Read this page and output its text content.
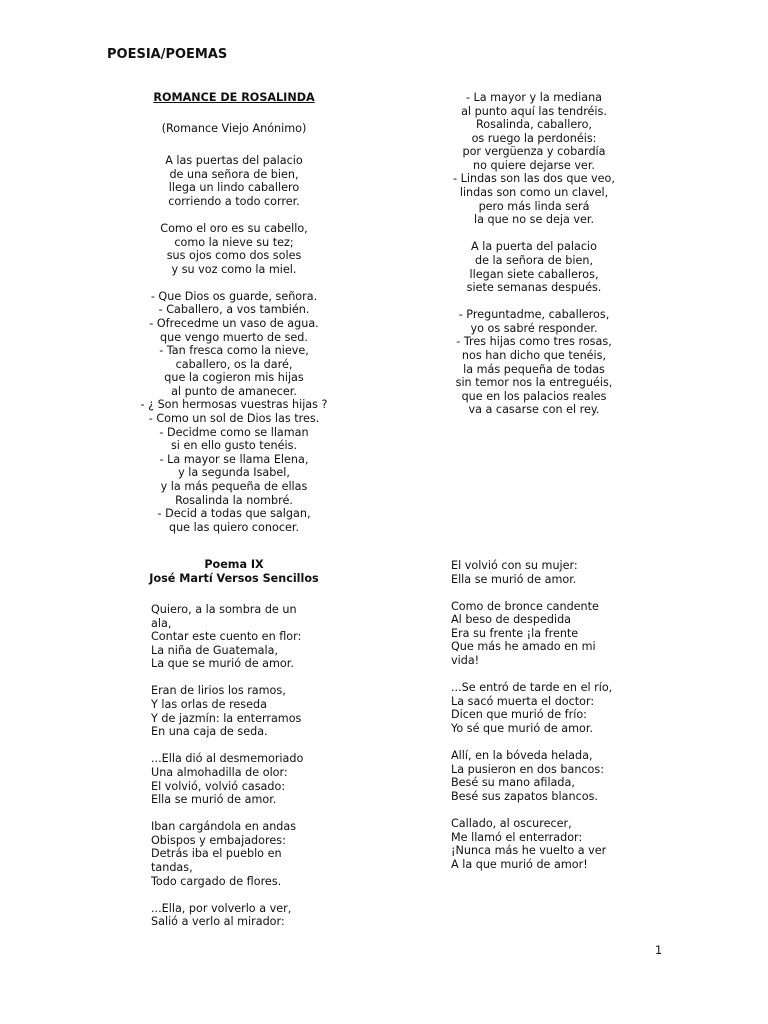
POESIA/POEMAS
ROMANCE DE ROSALINDA
(Romance Viejo Anónimo)
A las puertas del palacio
de una señora de bien,
llega un lindo caballero
corriendo a todo correr.
Como el oro es su cabello,
como la nieve su tez;
sus ojos como dos soles
y su voz como la miel.
- Que Dios os guarde, señora.
- Caballero, a vos también.
- Ofrecedme un vaso de agua.
que vengo muerto de sed.
- Tan fresca como la nieve,
caballero, os la daré,
que la cogieron mis hijas
al punto de amanecer.
- ¿ Son hermosas vuestras hijas ?
- Como un sol de Dios las tres.
- Decidme como se llaman
si en ello gusto tenéis.
- La mayor se llama Elena,
y la segunda Isabel,
y la más pequeña de ellas
Rosalinda la nombré.
- Decid a todas que salgan,
que las quiero conocer.
- La mayor y la mediana
al punto aquí las tendréis.
Rosalinda, caballero,
os ruego la perdonéis:
por vergüenza y cobardía
no quiere dejarse ver.
- Lindas son las dos que veo,
lindas son como un clavel,
pero más linda será
la que no se deja ver.
A la puerta del palacio
de la señora de bien,
llegan siete caballeros,
siete semanas después.
- Preguntadme, caballeros,
yo os sabré responder.
- Tres hijas como tres rosas,
nos han dicho que tenéis,
la más pequeña de todas
sin temor nos la entreguéis,
que en los palacios reales
va a casarse con el rey.
Poema IX
José Martí Versos Sencillos
Quiero, a la sombra de un
ala,
Contar este cuento en flor:
La niña de Guatemala,
La que se murió de amor.
Eran de lirios los ramos,
Y las orlas de reseda
Y de jazmín: la enterramos
En una caja de seda.
...Ella dió al desmemoriado
Una almohadilla de olor:
El volvió, volvió casado:
Ella se murió de amor.
Iban cargándola en andas
Obispos y embajadores:
Detrás iba el pueblo en
tandas,
Todo cargado de flores.
...Ella, por volverlo a ver,
Salió a verlo al mirador:
El volvió con su mujer:
Ella se murió de amor.
Como de bronce candente
Al beso de despedida
Era su frente ¡la frente
Que más he amado en mi
vida!
...Se entró de tarde en el río,
La sacó muerta el doctor:
Dicen que murió de frío:
Yo sé que murió de amor.
Allí, en la bóveda helada,
La pusieron en dos bancos:
Besé su mano afilada,
Besé sus zapatos blancos.
Callado, al oscurecer,
Me llamó el enterrador:
¡Nunca más he vuelto a ver
A la que murió de amor!
1
